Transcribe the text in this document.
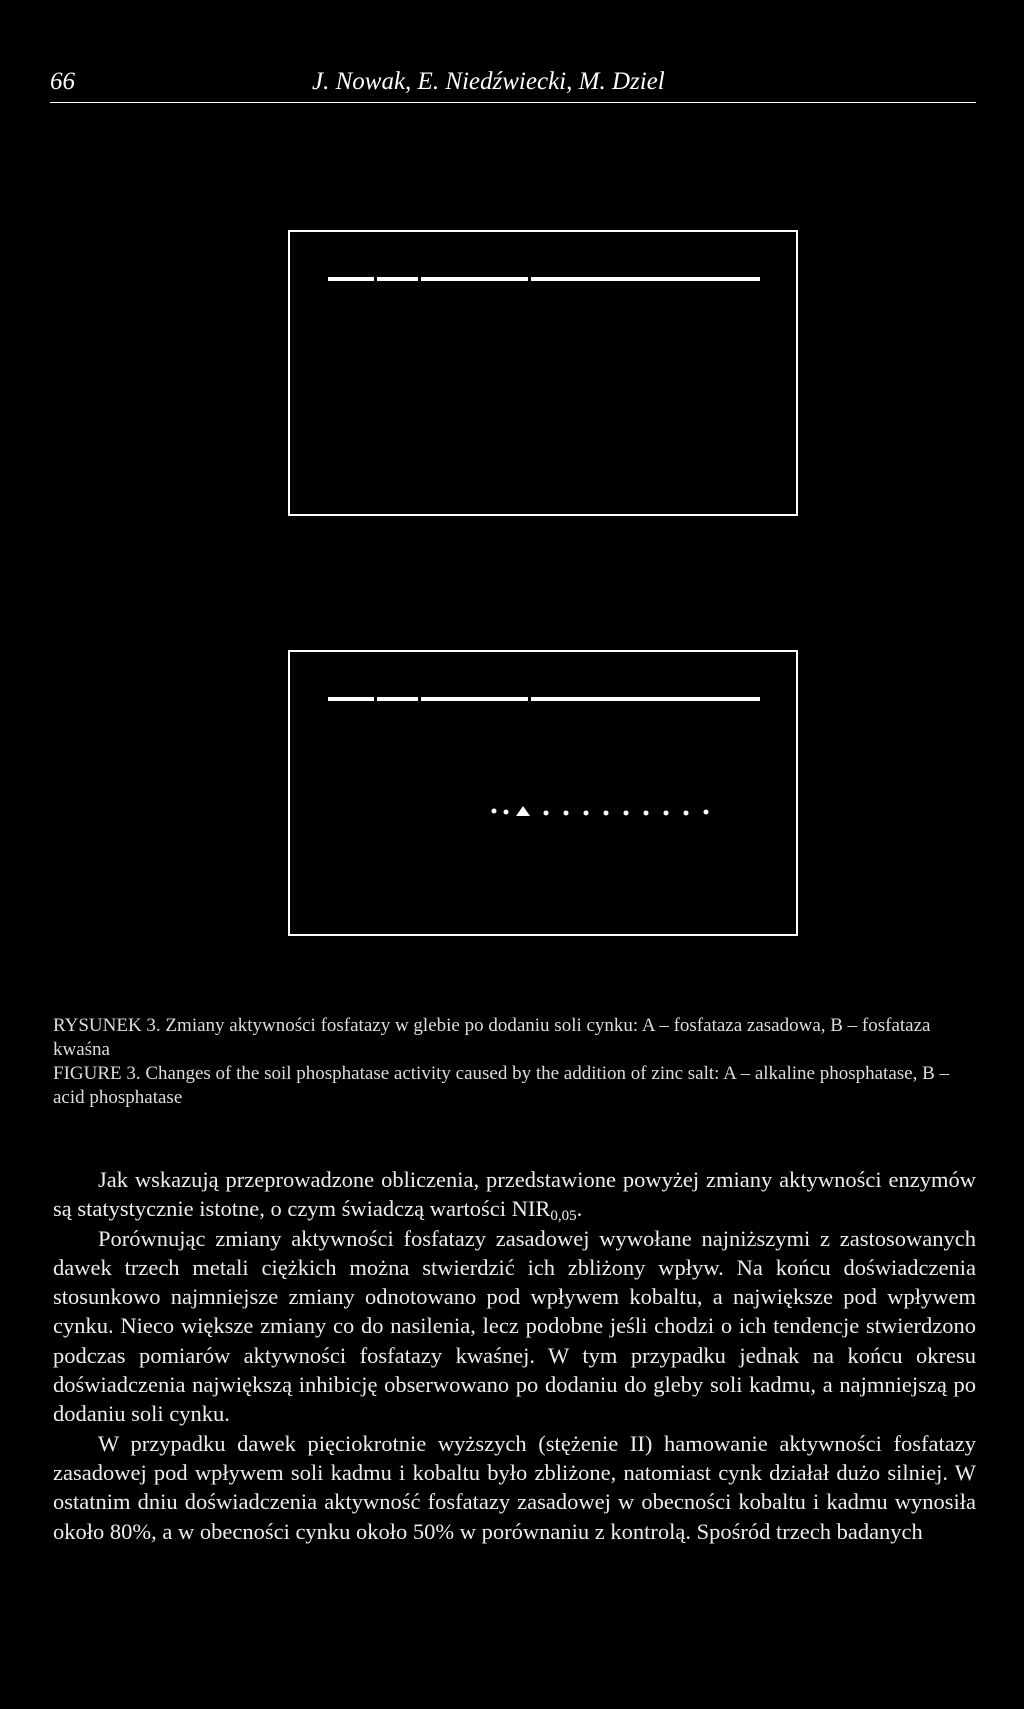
66	J. Nowak, E. Niedźwiecki, M. Dziel

RYSUNEK 3. Zmiany aktywności fosfatazy w glebie po dodaniu soli cynku: A – fosfataza zasadowa, B – fosfataza kwaśna

FIGURE 3. Changes of the soil phosphatase activity caused by the addition of zinc salt: A – alkaline phosphatase, B – acid phosphatase

Jak wskazują przeprowadzone obliczenia, przedstawione powyżej zmiany aktywności enzymów są statystycznie istotne, o czym świadczą wartości $NIR_{0,05}$.

Porównując zmiany aktywności fosfatazy zasadowej wywołane najniższymi z zastosowanych dawek trzech metali ciężkich można stwierdzić ich zbliżony wpływ. Na końcu doświadczenia stosunkowo najmniejsze zmiany odnotowano pod wpływem kobaltu, a największe pod wpływem cynku. Nieco większe zmiany co do nasilenia, lecz podobne jeśli chodzi o ich tendencje stwierdzono podczas pomiarów aktywności fosfatazy kwaśnej. W tym przypadku jednak na końcu okresu doświadczenia największą inhibicję obserwowano po dodaniu do gleby soli kadmu, a najmniejszą po dodaniu soli cynku.

W przypadku dawek pięciokrotnie wyższych (stężenie II) hamowanie aktywności fosfatazy zasadowej pod wpływem soli kadmu i kobaltu było zbliżone, natomiast cynk działał dużo silniej. W ostatnim dniu doświadczenia aktywność fosfatazy zasadowej w obecności kobaltu i kadmu wynosiła około 80%, a w obecności cynku około 50% w porównaniu z kontrolą. Spośród trzech badanych
